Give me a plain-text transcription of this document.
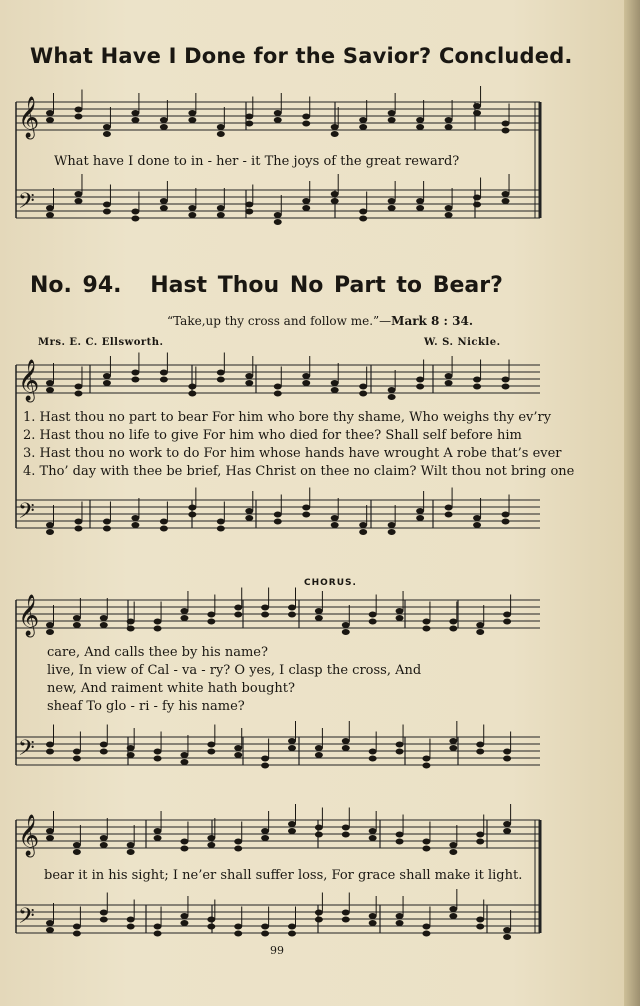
What Have I Done for the Savior? Concluded.
𝄞
𝄢
𝄞
𝄢
𝄞
𝄢
𝄞
𝄢
What have I done to in - her - it The joys of the great reward?
No. 94. Hast Thou No Part to Bear?
“Take,up thy cross and follow me.”—Mark 8 : 34.
Mrs. E. C. Ellsworth.	W. S. Nickle.
1. Hast thou no part to bear For him who bore thy shame, Who weighs thy ev’ry
2. Hast thou no life to give For him who died for thee? Shall self before him
3. Hast thou no work to do For him whose hands have wrought A robe that’s ever
4. Tho’ day with thee be brief, Has Christ on thee no claim? Wilt thou not bring one
CHORUS.
care, And calls thee by his name?
live, In view of Cal - va - ry? O yes, I clasp the cross, And
new, And raiment white hath bought?
sheaf To glo - ri - fy his name?
bear it in his sight; I ne’er shall suffer loss, For grace shall make it light.
99
